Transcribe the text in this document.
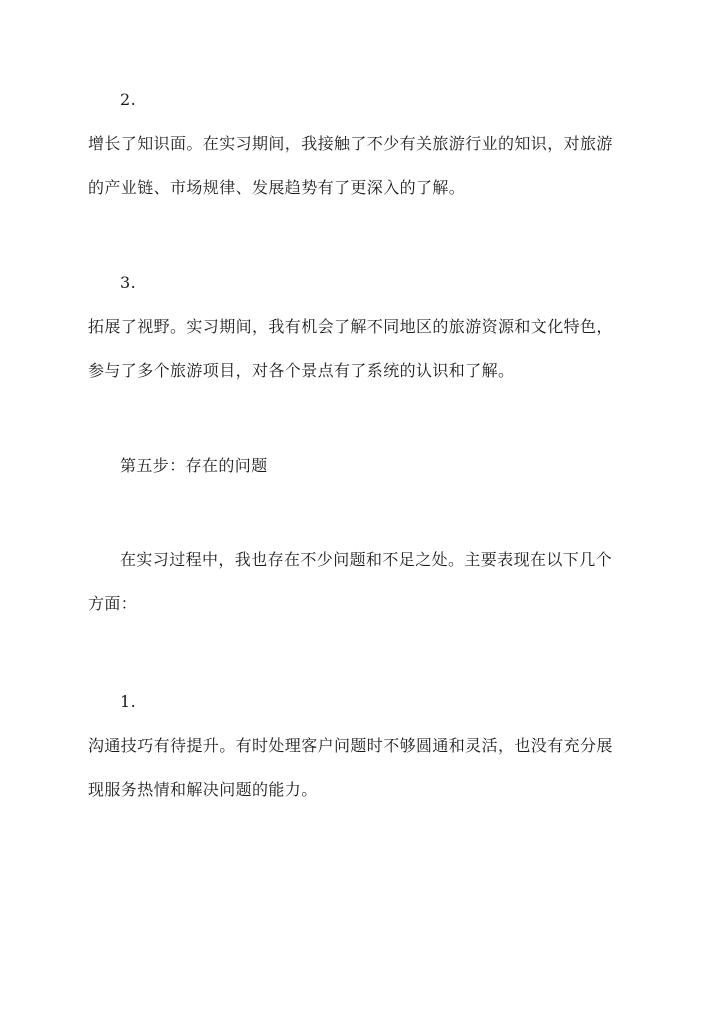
2.
增长了知识面。在实习期间，我接触了不少有关旅游行业的知识，对旅游
的产业链、市场规律、发展趋势有了更深入的了解。
3.
拓展了视野。实习期间，我有机会了解不同地区的旅游资源和文化特色，
参与了多个旅游项目，对各个景点有了系统的认识和了解。
第五步：存在的问题
在实习过程中，我也存在不少问题和不足之处。主要表现在以下几个
方面：
1.
沟通技巧有待提升。有时处理客户问题时不够圆通和灵活，也没有充分展
现服务热情和解决问题的能力。
